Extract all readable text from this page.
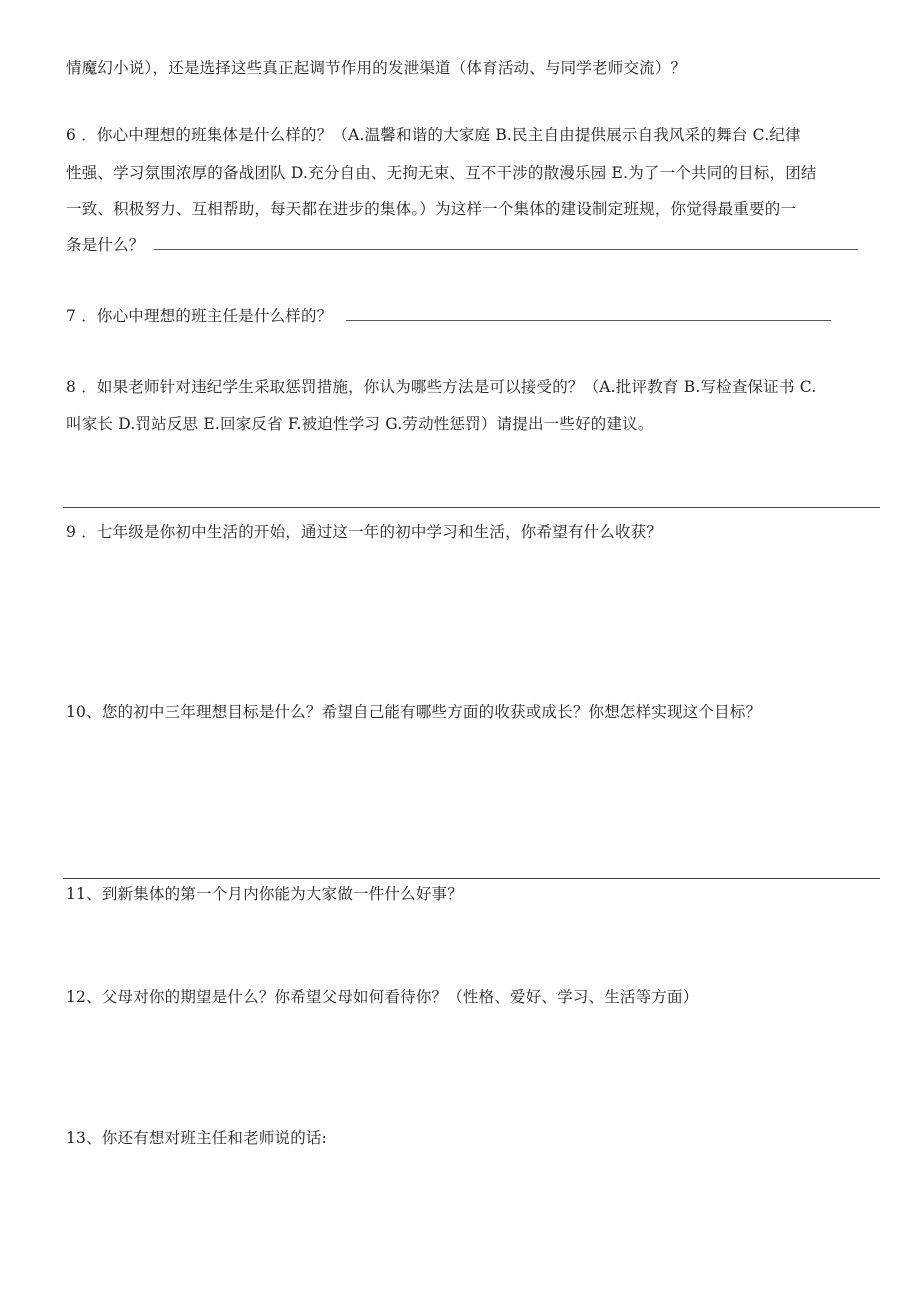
情魔幻小说），还是选择这些真正起调节作用的发泄渠道（体育活动、与同学老师交流）？
6 ．你心中理想的班集体是什么样的？（A.温馨和谐的大家庭 B.民主自由提供展示自我风采的舞台 C.纪律
性强、学习氛围浓厚的备战团队 D.充分自由、无拘无束、互不干涉的散漫乐园 E.为了一个共同的目标，团结
一致、积极努力、互相帮助，每天都在进步的集体。）为这样一个集体的建设制定班规，你觉得最重要的一
条是什么？
7 ．你心中理想的班主任是什么样的？
8 ．如果老师针对违纪学生采取惩罚措施，你认为哪些方法是可以接受的？（A.批评教育 B.写检查保证书 C.
叫家长 D.罚站反思 E.回家反省 F.被迫性学习 G.劳动性惩罚）请提出一些好的建议。
9 ．七年级是你初中生活的开始，通过这一年的初中学习和生活，你希望有什么收获？
10、您的初中三年理想目标是什么？希望自己能有哪些方面的收获或成长？你想怎样实现这个目标？
11、到新集体的第一个月内你能为大家做一件什么好事？
12、父母对你的期望是什么？你希望父母如何看待你？（性格、爱好、学习、生活等方面）
13、你还有想对班主任和老师说的话:
